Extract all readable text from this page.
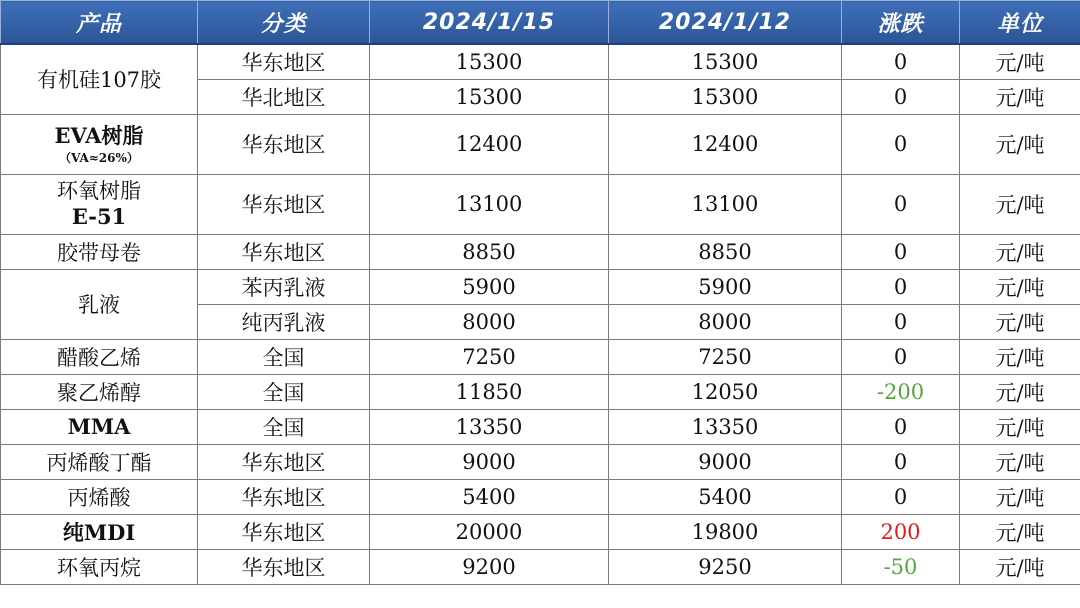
产品	分类	2024/1/15	2024/1/12	涨跌	单位
有机硅107胶	华东地区	15300	15300	0	元/吨
	华北地区	15300	15300	0	元/吨

EVA树脂
（VA≈26%）	华东地区	12400	12400	0	元/吨

环氧树脂
E-51	华东地区	13100	13100	0	元/吨
胶带母卷	华东地区	8850	8850	0	元/吨
乳液	苯丙乳液	5900	5900	0	元/吨
	纯丙乳液	8000	8000	0	元/吨
醋酸乙烯	全国	7250	7250	0	元/吨
聚乙烯醇	全国	11850	12050	-200	元/吨
MMA	全国	13350	13350	0	元/吨
丙烯酸丁酯	华东地区	9000	9000	0	元/吨
丙烯酸	华东地区	5400	5400	0	元/吨
纯MDI	华东地区	20000	19800	200	元/吨
环氧丙烷	华东地区	9200	9250	-50	元/吨
